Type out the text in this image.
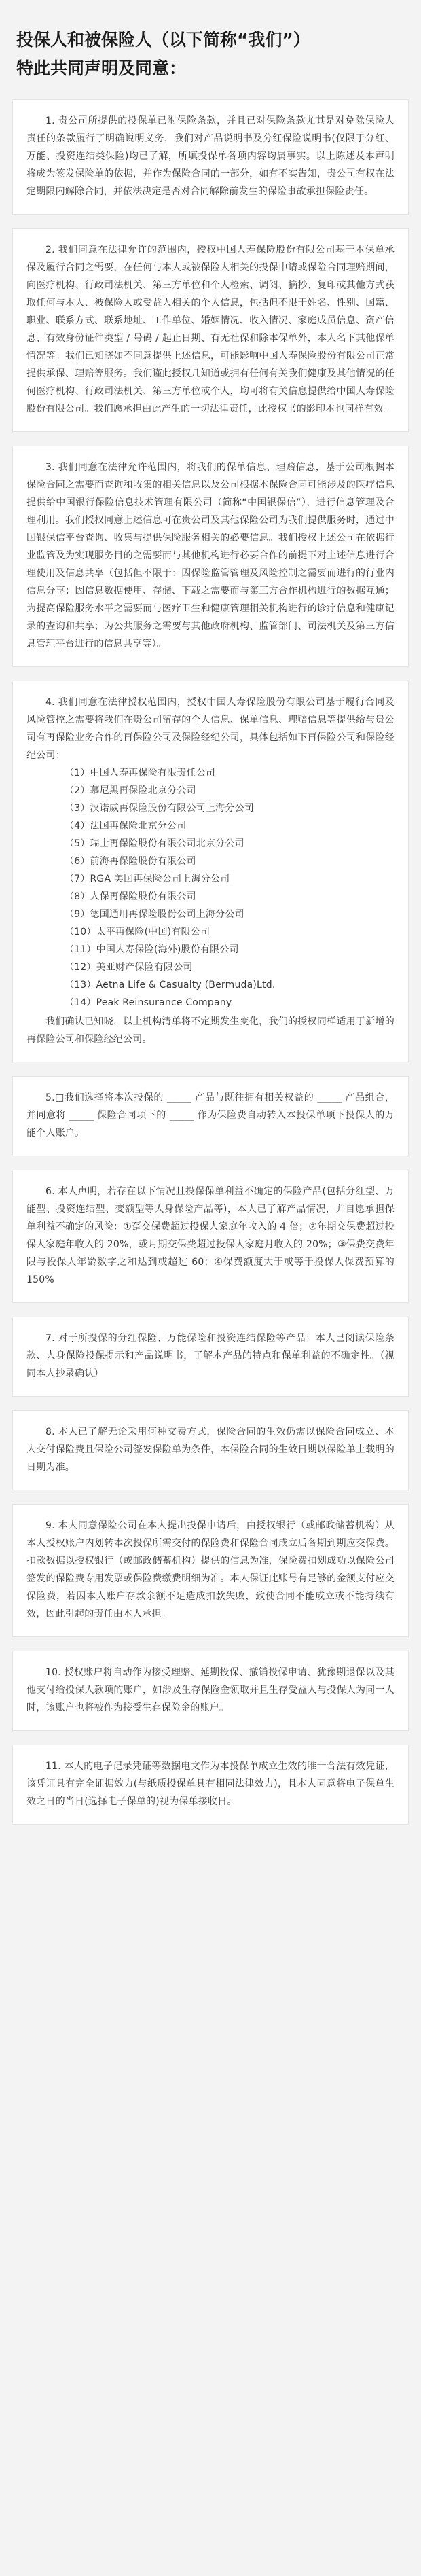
投保人和被保险人（以下简称“我们”）
特此共同声明及同意：

1. 贵公司所提供的投保单已附保险条款，并且已对保险条款尤其是对免除保险人责任的条款履行了明确说明义务，我们对产品说明书及分红保险说明书(仅限于分红、万能、投资连结类保险)均已了解，所填投保单各项内容均属事实。以上陈述及本声明将成为签发保险单的依据，并作为保险合同的一部分，如有不实告知，贵公司有权在法定期限内解除合同，并依法决定是否对合同解除前发生的保险事故承担保险责任。

2. 我们同意在法律允许的范围内，授权中国人寿保险股份有限公司基于本保单承保及履行合同之需要，在任何与本人或被保险人相关的投保申请或保险合同理赔期间，向医疗机构、行政司法机关、第三方单位和个人检索、调阅、摘抄、复印或其他方式获取任何与本人、被保险人或受益人相关的个人信息，包括但不限于姓名、性别、国籍、职业、联系方式、联系地址、工作单位、婚姻情况、收入情况、家庭成员信息、资产信息、有效身份证件类型 / 号码 / 起止日期、有无社保和除本保单外，本人名下其他保单情况等。我们已知晓如不同意提供上述信息，可能影响中国人寿保险股份有限公司正常提供承保、理赔等服务。我们谨此授权几知道或拥有任何有关我们健康及其他情况的任何医疗机构、行政司法机关、第三方单位或个人，均可将有关信息提供给中国人寿保险股份有限公司。我们愿承担由此产生的一切法律责任，此授权书的影印本也同样有效。

3. 我们同意在法律允许范围内，将我们的保单信息、理赔信息，基于公司根据本保险合同之需要而查询和收集的相关信息以及公司根据本保险合同可能涉及的医疗信息提供给中国银行保险信息技术管理有限公司（简称“中国银保信”），进行信息管理及合理利用。我们授权同意上述信息可在贵公司及其他保险公司为我们提供服务时，通过中国银保信平台查询、收集与提供保险服务相关的必要信息。我们授权上述公司在依据行业监管及为实现服务目的之需要而与其他机构进行必要合作的前提下对上述信息进行合理使用及信息共享（包括但不限于：因保险监管管理及风险控制之需要而进行的行业内信息分享；因信息数据使用、存储、下载之需要而与第三方合作机构进行的数据互通；为提高保险服务水平之需要而与医疗卫生和健康管理相关机构进行的诊疗信息和健康记录的查询和共享；为公共服务之需要与其他政府机构、监管部门、司法机关及第三方信息管理平台进行的信息共享等）。

4. 我们同意在法律授权范围内，授权中国人寿保险股份有限公司基于履行合同及风险管控之需要将我们在贵公司留存的个人信息、保单信息、理赔信息等提供给与贵公司有再保险业务合作的再保险公司及保险经纪公司，具体包括如下再保险公司和保险经纪公司：

（1）中国人寿再保险有限责任公司

（2）慕尼黑再保险北京分公司

（3）汉诺威再保险股份有限公司上海分公司

（4）法国再保险北京分公司

（5）瑞士再保险股份有限公司北京分公司

（6）前海再保险股份有限公司

（7）RGA 美国再保险公司上海分公司

（8）人保再保险股份有限公司

（9）德国通用再保险股份公司上海分公司

（10）太平再保险(中国)有限公司

（11）中国人寿保险(海外)股份有限公司

（12）美亚财产保险有限公司

（13）Aetna Life & Casualty (Bermuda)Ltd.

（14）Peak Reinsurance Company

我们确认已知晓，以上机构清单将不定期发生变化，我们的授权同样适用于新增的再保险公司和保险经纪公司。

5.□我们选择将本次投保的 _____ 产品与既往拥有相关权益的 _____ 产品组合，并同意将 _____ 保险合同项下的 _____ 作为保险费自动转入本投保单项下投保人的万能个人账户。

6. 本人声明，若存在以下情况且投保保单利益不确定的保险产品(包括分红型、万能型、投资连结型、变额型等人身保险产品等)，本人已了解产品情况，并自愿承担保单利益不确定的风险：①趸交保费超过投保人家庭年收入的 4 倍；②年期交保费超过投保人家庭年收入的 20%，或月期交保费超过投保人家庭月收入的 20%；③保费交费年限与投保人年龄数字之和达到或超过 60；④保费额度大于或等于投保人保费预算的 150%

7. 对于所投保的分红保险、万能保险和投资连结保险等产品：本人已阅读保险条款、人身保险投保提示和产品说明书，了解本产品的特点和保单利益的不确定性。（视同本人抄录确认）

8. 本人已了解无论采用何种交费方式，保险合同的生效仍需以保险合同成立、本人交付保险费且保险公司签发保险单为条件，本保险合同的生效日期以保险单上载明的日期为准。

9. 本人同意保险公司在本人提出投保申请后，由授权银行（或邮政储蓄机构）从本人授权账户内划转本次投保所需交付的保险费和保险合同成立后各期到期应交保费。扣款数据以授权银行（或邮政储蓄机构）提供的信息为准，保险费扣划成功以保险公司签发的保险费专用发票或保险费缴费明细为准。本人保证此账号有足够的金额支付应交保险费，若因本人账户存款余额不足造成扣款失败，致使合同不能成立或不能持续有效，因此引起的责任由本人承担。

10. 授权账户将自动作为接受理赔、延期投保、撤销投保申请、犹豫期退保以及其他支付给投保人款项的账户，如涉及生存保险金领取并且生存受益人与投保人为同一人时，该账户也将被作为接受生存保险金的账户。

11. 本人的电子记录凭证等数据电文作为本投保单成立生效的唯一合法有效凭证，该凭证具有完全证据效力(与纸质投保单具有相同法律效力)，且本人同意将电子保单生效之日的当日(选择电子保单的)视为保单接收日。
